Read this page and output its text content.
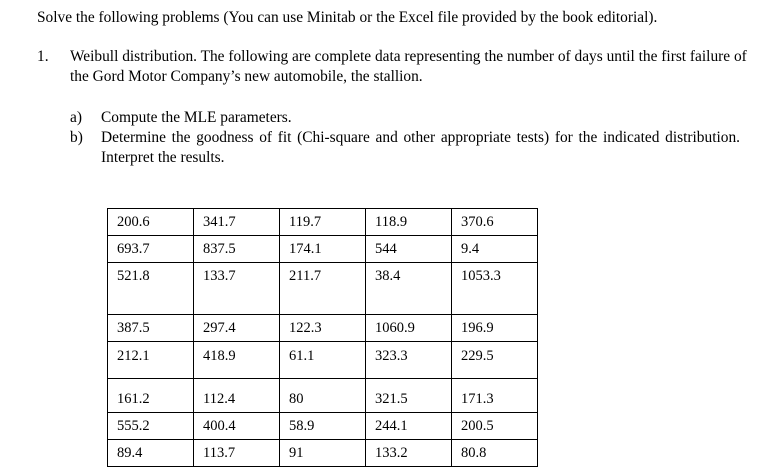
Solve the following problems (You can use Minitab or the Excel file provided by the book editorial).
1. Weibull distribution. The following are complete data representing the number of days until the first failure of the Gord Motor Company’s new automobile, the stallion.
a) Compute the MLE parameters.
b) Determine the goodness of fit (Chi-square and other appropriate tests) for the indicated distribution. Interpret the results.
200.6	341.7	119.7	118.9	370.6
693.7	837.5	174.1	544	9.4
521.8	133.7	211.7	38.4	1053.3
387.5	297.4	122.3	1060.9	196.9
212.1	418.9	61.1	323.3	229.5
161.2	112.4	80	321.5	171.3
555.2	400.4	58.9	244.1	200.5
89.4	113.7	91	133.2	80.8
